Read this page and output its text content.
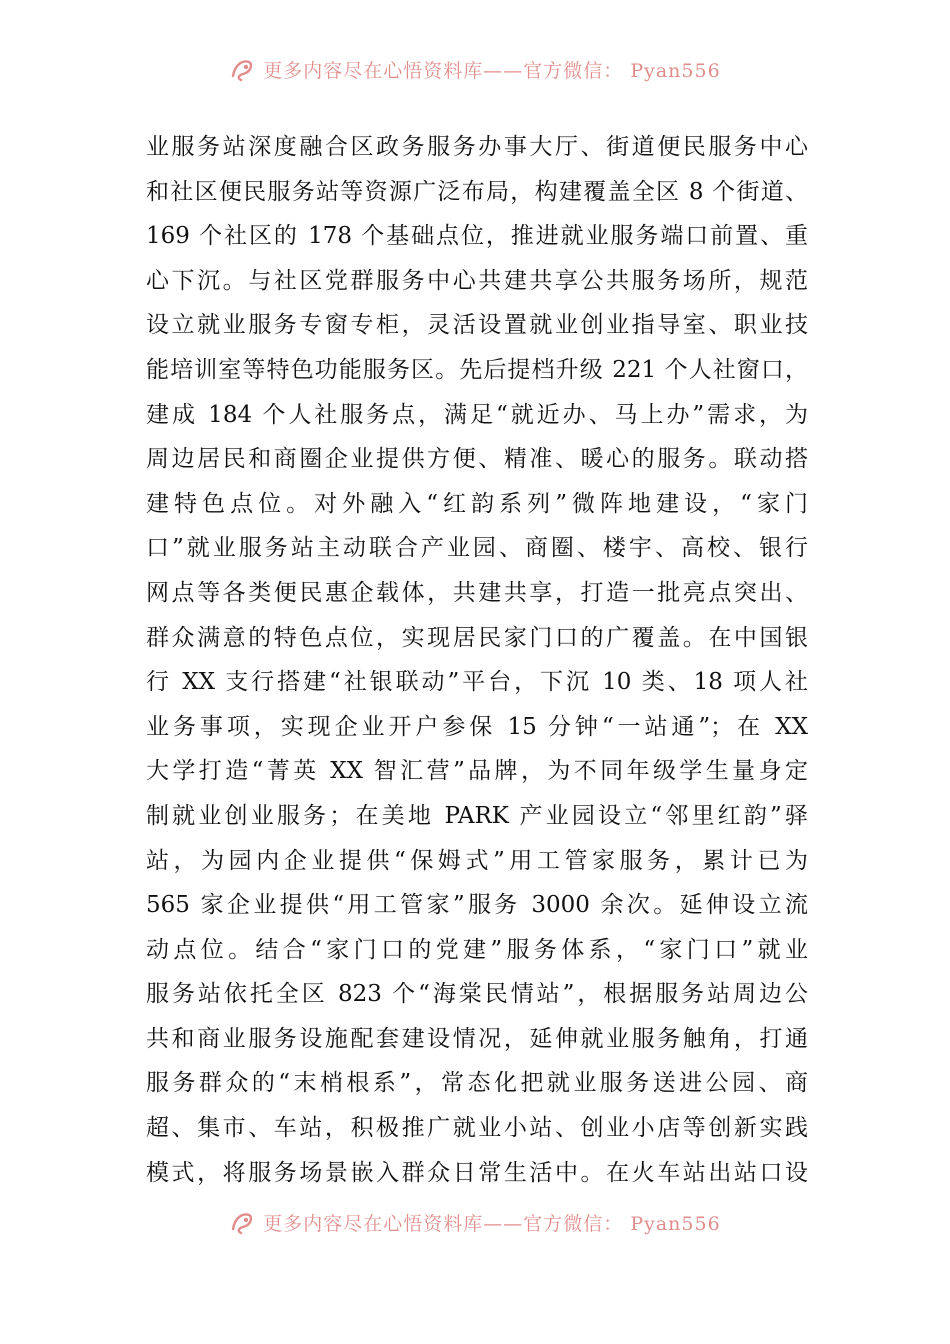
更多内容尽在心悟资料库——官方微信： Pyan556
业服务站深度融合区政务服务办事大厅、街道便民服务中心
和社区便民服务站等资源广泛布局，构建覆盖全区 8 个街道、
169 个社区的 178 个基础点位，推进就业服务端口前置、重
心下沉。与社区党群服务中心共建共享公共服务场所，规范
设立就业服务专窗专柜，灵活设置就业创业指导室、职业技
能培训室等特色功能服务区。先后提档升级 221 个人社窗口，
建成 184 个人社服务点，满足“就近办、马上办”需求，为
周边居民和商圈企业提供方便、精准、暖心的服务。联动搭
建特色点位。对外融入“红韵系列”微阵地建设，“家门
口”就业服务站主动联合产业园、商圈、楼宇、高校、银行
网点等各类便民惠企载体，共建共享，打造一批亮点突出、
群众满意的特色点位，实现居民家门口的广覆盖。在中国银
行 XX 支行搭建“社银联动”平台，下沉 10 类、18 项人社
业务事项，实现企业开户参保 15 分钟“一站通”；在 XX
大学打造“菁英 XX 智汇营”品牌，为不同年级学生量身定
制就业创业服务；在美地 PARK 产业园设立“邻里红韵”驿
站，为园内企业提供“保姆式”用工管家服务，累计已为
565 家企业提供“用工管家”服务 3000 余次。延伸设立流
动点位。结合“家门口的党建”服务体系，“家门口”就业
服务站依托全区 823 个“海棠民情站”，根据服务站周边公
共和商业服务设施配套建设情况，延伸就业服务触角，打通
服务群众的“末梢根系”，常态化把就业服务送进公园、商
超、集市、车站，积极推广就业小站、创业小店等创新实践
模式，将服务场景嵌入群众日常生活中。在火车站出站口设
更多内容尽在心悟资料库——官方微信： Pyan556
